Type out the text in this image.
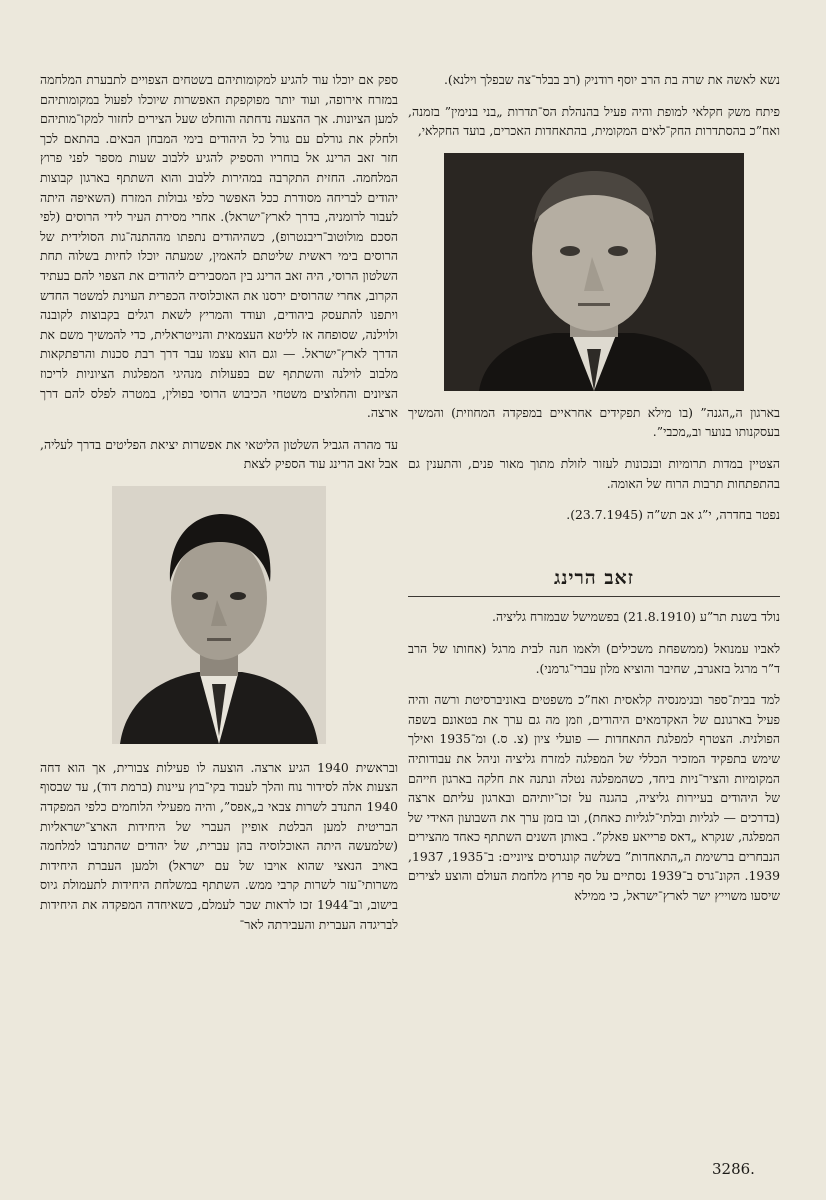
נשא לאשה את שרה בת הרב יוסף רודניק (רב בבלר־צה שבפלך וילנא).

פיתח משק חקלאי למופת והיה פעיל בהנהלת הס־תדרות „בני בנימין” בזמנה, ואח”כ בהסתדרות החק־לאים המקומית, בהתאחדות האכרים, בועד החקלאי,

בארגון ה„הגנה” (בו מילא תפקידים אחראיים במפקדה המחוזית) והמשיך בעסקנותו בנוער וב„מכבי”.

הצטיין במדות תרומיות ובנכונות לעזור לזולת מתוך מאור פנים, והתענין גם בהתפתחות תרבות הרוח של האומה.

נפטר בחדרה, י”ג אב תש”ה (23.7.1945).

זאב הרינג

נולד בשנת תר”ע (21.8.1910) בפשמישל שבמזרח גליציה.

לאביו עמנואל (ממשפחת משכילים) ולאמו חנה לבית מרגל (אחותו של הרב ד”ר מרגל בזאגרב, שחיבר והוציא מלון עברי־גרמני).

למד בבית־ספר ובגימנסיה קלאסית ואח”כ משפטים באוניברסיטת ורשה והיה פעיל בארגונם של האקדמאים היהודים, וזמן מה גם ערך את בטאונם בשפה הפולנית. הצטרף למפלגת התאחדות — פועלי ציון (צ. ס.) ומ־1935 ואילך שימש בתפקיד המזכיר הכללי של המפלגה למזרח גליציה וניהל את עבודותיה המקומיות והציר־ניות ביחד, כשהמפלגה נטלה ונתנה את חלקה בארגון חייהם של היהודים בעיירות גליציה, בהגנה על זכו־יותיהם ובארגון עליתם ארצה (בדרכים — לגליות ובלתי־לגליות כאחת), ובו בזמן ערך את השבועון האידי של המפלגה, שנקרא „דאס פרייאע פאלק”. באותן השנים השתתף כאחד מהצירים הנבחרים ברשימת ה„התאחדות” בשלשה קונגרסים ציוניים: ב־1935, 1937, 1939. הקונ־גרס ב־1939 נסתיים על סף פרוץ מלחמת העולם והוצע לצירים שיסעו משוייץ ישר לארץ־ישראל, כי ממילא

ספק אם יוכלו עוד להגיע למקומותיהם בשטחים הצפויים לתבערת המלחמה במזרח אירופה, ועוד יותר מפוקפקת האפשרות שיוכלו לפעול במקומותיהם למען הציונות. אך ההצעה נדחתה והוחלט שעל הצירים לחזור למקו־מותיהם ולחלק את גורלם עם גורל כל היהודים בימי המבחן הבאים. בהתאם לכך חזר זאב הרינג אל בוחריו והספיק להגיע ללבוב שעות מספר לפני פרוץ המלחמה. החזית התקרבה במהירות ללבוב והוא השתתף בארגון קבוצות יהודים לבריחה מסודרת ככל האפשר כלפי גבולות המזרח (השאיפה היתה לעבור לרומניה, בדרך לארץ־ישראל). אחרי מסירת העיר לידי הרוסים (לפי הסכם מולוטוב־ריבנטרופ), כשהיהודים נתפתו מההתנה־גות הסולידית של הרוסים בימי ראשית שליטתם להאמין, שמעתה יוכלו לחיות בשלוה תחת השלטון הרוסי, היה זאב הרינג בין המסבירים ליהודים את הצפוי להם בעתיד הקרוב, אחרי שהרוסים ירסנו את האוכלוסיה הכפרית העוינת למשטר החדש ויתפנו להתעסק ביהודים, ועודד והמריץ לשאת רגלים בקבוצות לקובנה ולוילנה, שסופחה אז לליטא העצמאית והנייטראלית, כדי להמשיך משם את הדרך לארץ־ישראל. — וגם הוא עצמו עבר דרך רבת סכנות והרפתקאות מלבוב לוילנה והשתתף שם בפעולות מנהיגי המפלגות הציוניות לריכוז הציונים והחלוצים משטחי הכיבוש הרוסי בפולין, במטרה לפלס להם דרך ארצה.

עד מהרה הגביל השלטון הליטאי את אפשרות יציאת הפליטים בדרך לעליה, אבל זאב הרינג עוד הספיק לצאת

ובראשית 1940 הגיע ארצה. הוצעה לו פעילות צבורית, אך הוא דחה הצעות אלה לסידור נוח והלך לעבוד בקי־בוץ עיינות (ברמת דוד), עד שבסוף 1940 התנדב לשרות צבאי ב„אפס”, והיה מפעילי הלוחמים כלפי המפקדה הבריטית למען הבלטת אופיין העברי של היחידות הארצ־ישראליות (שלמעשה היתה האוכלוסיה בהן עברית, של יהודים שהתנדבו למלחמה באויב הנאצי שהוא אויבו של עם ישראל) ולמען העברת היחידות משרותי־עזר לשרות קרבי ממש. השתתף במשלחת היחידות לתעמולת גיוס בישוב, וב־1944 זכו לראות שכר לעמלם, כשאיחדה המפקדה את היחידות לבריגדה העברית והעבירתה לאר־

3286.
